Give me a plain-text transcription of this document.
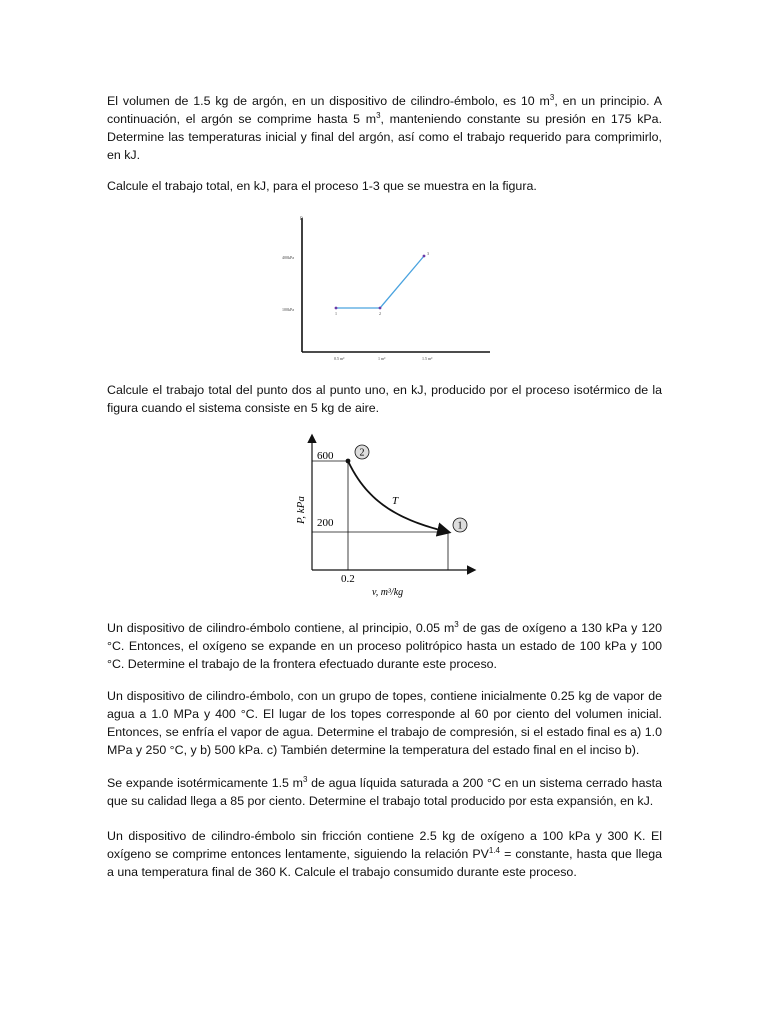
El volumen de 1.5 kg de argón, en un dispositivo de cilindro-émbolo, es 10 $m^3$, en un principio. A continuación, el argón se comprime hasta 5 $m^3$, manteniendo constante su presión en 175 kPa. Determine las temperaturas inicial y final del argón, así como el trabajo requerido para comprimirlo, en kJ.

Calcule el trabajo total, en kJ, para el proceso 1-3 que se muestra en la figura.

P
400kPa
100kPa
0.5 m³	1 m³	1.5 m³
1	2
3

Calcule el trabajo total del punto dos al punto uno, en kJ, producido por el proceso isotérmico de la figura cuando el sistema consiste en 5 kg de aire.

P, kPa
v, m³/kg
600
200
0.2
T
2
1

Un dispositivo de cilindro-émbolo contiene, al principio, 0.05 $m^3$ de gas de oxígeno a 130 kPa y 120 °C. Entonces, el oxígeno se expande en un proceso politrópico hasta un estado de 100 kPa y 100 °C. Determine el trabajo de la frontera efectuado durante este proceso.

Un dispositivo de cilindro-émbolo, con un grupo de topes, contiene inicialmente 0.25 kg de vapor de agua a 1.0 MPa y 400 °C. El lugar de los topes corresponde al 60 por ciento del volumen inicial. Entonces, se enfría el vapor de agua. Determine el trabajo de compresión, si el estado final es a) 1.0 MPa y 250 °C, y b) 500 kPa. c) También determine la temperatura del estado final en el inciso b).

Se expande isotérmicamente 1.5 $m^3$ de agua líquida saturada a 200 °C en un sistema cerrado hasta que su calidad llega a 85 por ciento. Determine el trabajo total producido por esta expansión, en kJ.

Un dispositivo de cilindro-émbolo sin fricción contiene 2.5 kg de oxígeno a 100 kPa y 300 K. El oxígeno se comprime entonces lentamente, siguiendo la relación $PV^{1.4}$ = constante, hasta que llega a una temperatura final de 360 K. Calcule el trabajo consumido durante este proceso.
